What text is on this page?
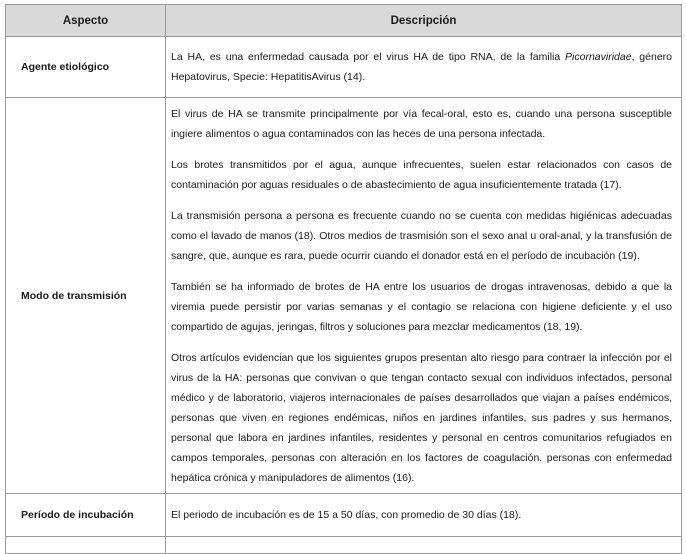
Aspecto	Descripción
Agente etiológico	La HA, es una enfermedad causada por el virus HA de tipo RNA, de la familia Picornaviridae, género Hepatovirus, Specie: HepatitisAvirus (14).

Modo de transmisión	El virus de HA se transmite principalmente por vía fecal-oral, esto es, cuando una persona susceptible ingiere alimentos o agua contaminados con las heces de una persona infectada.

Los brotes transmitidos por el agua, aunque infrecuentes, suelen estar relacionados con casos de contaminación por aguas residuales o de abastecimiento de agua insuficientemente tratada (17).

La transmisión persona a persona es frecuente cuando no se cuenta con medidas higiénicas adecuadas como el lavado de manos (18). Otros medios de trasmisión son el sexo anal u oral-anal, y la transfusión de sangre, que, aunque es rara, puede ocurrir cuando el donador está en el período de incubación (19).

También se ha informado de brotes de HA entre los usuarios de drogas intravenosas, debido a que la viremia puede persistir por varias semanas y el contagio se relaciona con higiene deficiente y el uso compartido de agujas, jeringas, filtros y soluciones para mezclar medicamentos (18, 19).

Otros artículos evidencian que los siguientes grupos presentan alto riesgo para contraer la infección por el virus de la HA: personas que convivan o que tengan contacto sexual con individuos infectados, personal médico y de laboratorio, viajeros internacionales de países desarrollados que viajan a países endémicos, personas que viven en regiones endémicas, niños en jardines infantiles, sus padres y sus hermanos, personal que labora en jardines infantiles, residentes y personal en centros comunitarios refugiados en campos temporales, personas con alteración en los factores de coagulación. personas con enfermedad hepática crónica y manipuladores de alimentos (16).

Período de incubación	El periodo de incubación es de 15 a 50 días, con promedio de 30 días (18).
